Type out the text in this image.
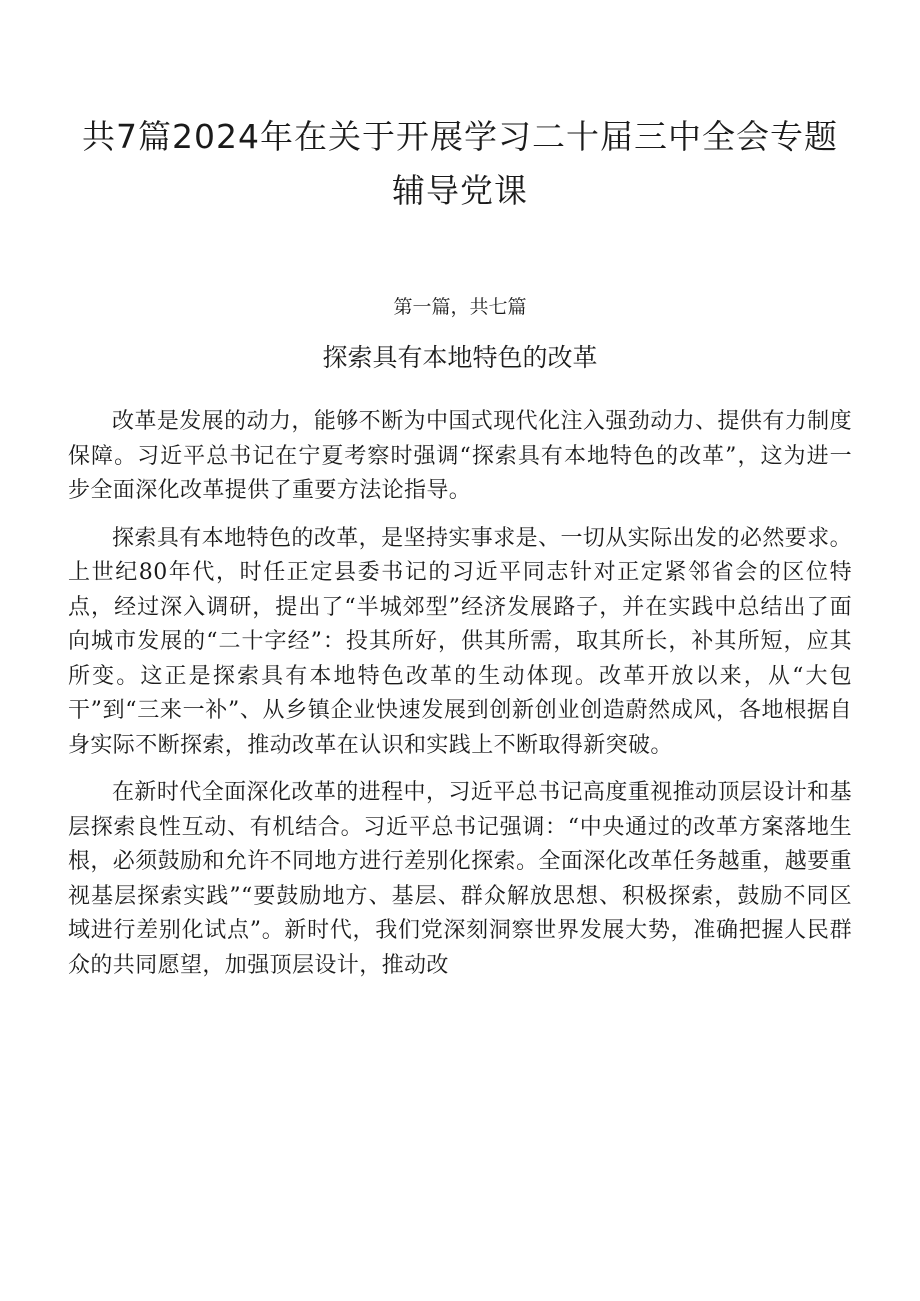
共7篇2024年在关于开展学习二十届三中全会专题
辅导党课

第一篇，共七篇

探索具有本地特色的改革

改革是发展的动力，能够不断为中国式现代化注入强劲动力、提供有力制度保障。习近平总书记在宁夏考察时强调“探索具有本地特色的改革”，这为进一步全面深化改革提供了重要方法论指导。

探索具有本地特色的改革，是坚持实事求是、一切从实际出发的必然要求。上世纪80年代，时任正定县委书记的习近平同志针对正定紧邻省会的区位特点，经过深入调研，提出了“半城郊型”经济发展路子，并在实践中总结出了面向城市发展的“二十字经”：投其所好，供其所需，取其所长，补其所短，应其所变。这正是探索具有本地特色改革的生动体现。改革开放以来，从“大包干”到“三来一补”、从乡镇企业快速发展到创新创业创造蔚然成风，各地根据自身实际不断探索，推动改革在认识和实践上不断取得新突破。

在新时代全面深化改革的进程中，习近平总书记高度重视推动顶层设计和基层探索良性互动、有机结合。习近平总书记强调：“中央通过的改革方案落地生根，必须鼓励和允许不同地方进行差别化探索。全面深化改革任务越重，越要重视基层探索实践”“要鼓励地方、基层、群众解放思想、积极探索，鼓励不同区域进行差别化试点”。新时代，我们党深刻洞察世界发展大势，准确把握人民群众的共同愿望，加强顶层设计，推动改
